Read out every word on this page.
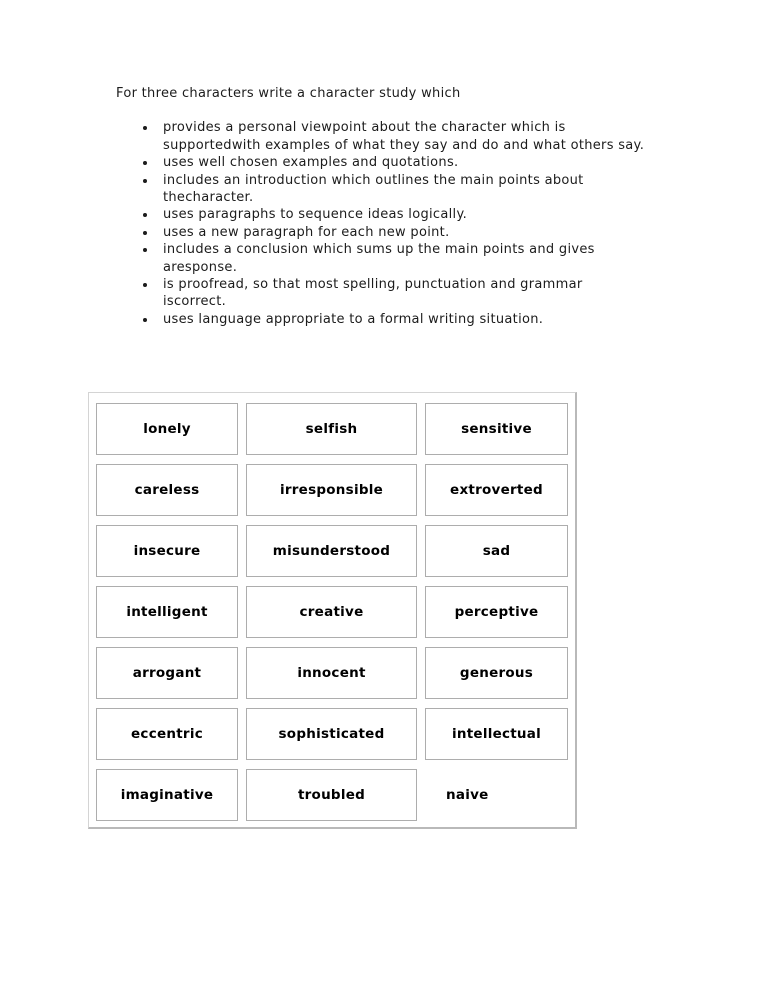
For three characters write a character study which

provides a personal viewpoint about the character which is supportedwith examples of what they say and do and what others say.
uses well chosen examples and quotations.
includes an introduction which outlines the main points about thecharacter.
uses paragraphs to sequence ideas logically.
uses a new paragraph for each new point.
includes a conclusion which sums up the main points and gives aresponse.
is proofread, so that most spelling, punctuation and grammar iscorrect.
uses language appropriate to a formal writing situation.
lonely	selfish	sensitive
careless	irresponsible	extroverted
insecure	misunderstood	sad
intelligent	creative	perceptive
arrogant	innocent	generous
eccentric	sophisticated	intellectual
imaginative	troubled	naive
